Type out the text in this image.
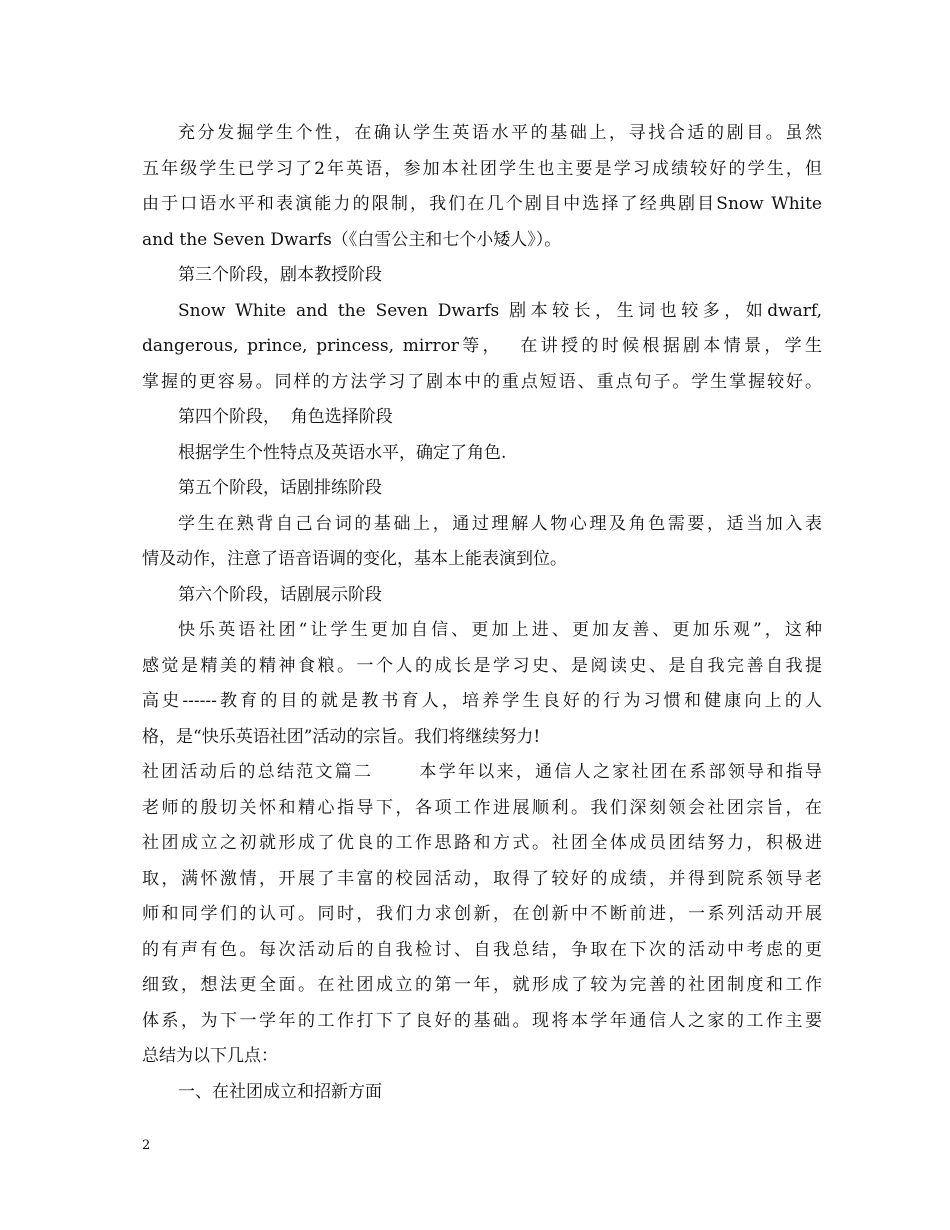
充分发掘学生个性，在确认学生英语水平的基础上，寻找合适的剧目。虽然
五年级学生已学习了2年英语，参加本社团学生也主要是学习成绩较好的学生，但
由于口语水平和表演能力的限制，我们在几个剧目中选择了经典剧目Snow White
and the Seven Dwarfs（《白雪公主和七个小矮人》）。
第三个阶段，剧本教授阶段
Snow White and the Seven Dwarfs 剧本较长，生词也较多，如dwarf,
dangerous, prince, princess, mirror等，  在讲授的时候根据剧本情景，学生
掌握的更容易。同样的方法学习了剧本中的重点短语、重点句子。学生掌握较好。
第四个阶段，  角色选择阶段
根据学生个性特点及英语水平，确定了角色.
第五个阶段，话剧排练阶段
学生在熟背自己台词的基础上，通过理解人物心理及角色需要，适当加入表
情及动作，注意了语音语调的变化，基本上能表演到位。
第六个阶段，话剧展示阶段
快乐英语社团“让学生更加自信、更加上进、更加友善、更加乐观”，这种
感觉是精美的精神食粮。一个人的成长是学习史、是阅读史、是自我完善自我提
高史------教育的目的就是教书育人，培养学生良好的行为习惯和健康向上的人
格，是“快乐英语社团”活动的宗旨。我们将继续努力!
社团活动后的总结范文篇二      本学年以来，通信人之家社团在系部领导和指导
老师的殷切关怀和精心指导下，各项工作进展顺利。我们深刻领会社团宗旨，在
社团成立之初就形成了优良的工作思路和方式。社团全体成员团结努力，积极进
取，满怀激情，开展了丰富的校园活动，取得了较好的成绩，并得到院系领导老
师和同学们的认可。同时，我们力求创新，在创新中不断前进，一系列活动开展
的有声有色。每次活动后的自我检讨、自我总结，争取在下次的活动中考虑的更
细致，想法更全面。在社团成立的第一年，就形成了较为完善的社团制度和工作
体系，为下一学年的工作打下了良好的基础。现将本学年通信人之家的工作主要
总结为以下几点：
一、在社团成立和招新方面
2
